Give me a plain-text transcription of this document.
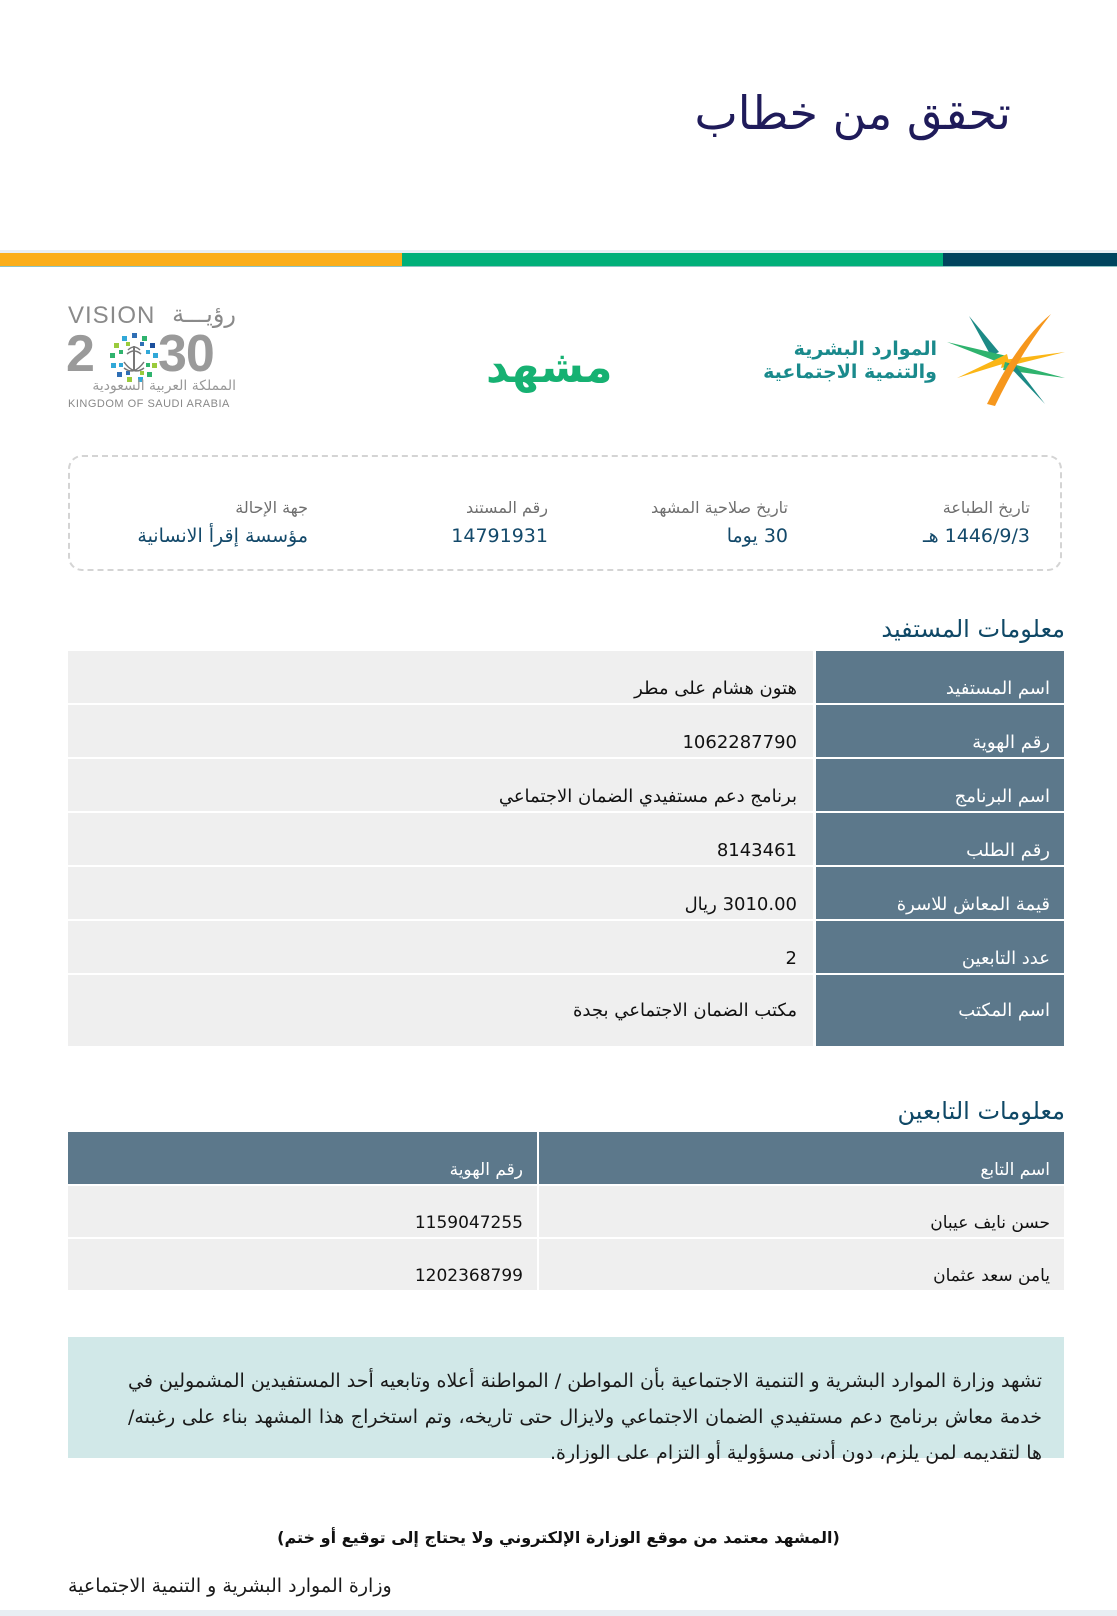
تحقق من خطاب
الموارد البشرية
والتنمية الاجتماعية
مشهد
VISION رؤيـــة
2 30
المملكة العربية السعودية
KINGDOM OF SAUDI ARABIA
تاريخ الطباعة
1446/9/3 هـ
تاريخ صلاحية المشهد
30 يوما
رقم المستند
14791931
جهة الإحالة
مؤسسة إقرأ الانسانية
معلومات المستفيد
اسم المستفيد
هتون هشام على مطر
رقم الهوية
1062287790
اسم البرنامج
برنامج دعم مستفيدي الضمان الاجتماعي
رقم الطلب
8143461
قيمة المعاش للاسرة
3010.00 ريال
عدد التابعين
2
اسم المكتب
مكتب الضمان الاجتماعي بجدة
معلومات التابعين
اسم التابع
رقم الهوية
حسن نايف عيبان
1159047255
يامن سعد عثمان
1202368799
تشهد وزارة الموارد البشرية و التنمية الاجتماعية بأن المواطن / المواطنة أعلاه وتابعيه أحد المستفيدين المشمولين في خدمة معاش برنامج دعم مستفيدي الضمان الاجتماعي ولايزال حتى تاريخه، وتم استخراج هذا المشهد بناء على رغبته/ ها لتقديمه لمن يلزم، دون أدنى مسؤولية أو التزام على الوزارة.
(المشهد معتمد من موقع الوزارة الإلكتروني ولا يحتاج إلى توقيع أو ختم)
وزارة الموارد البشرية و التنمية الاجتماعية
